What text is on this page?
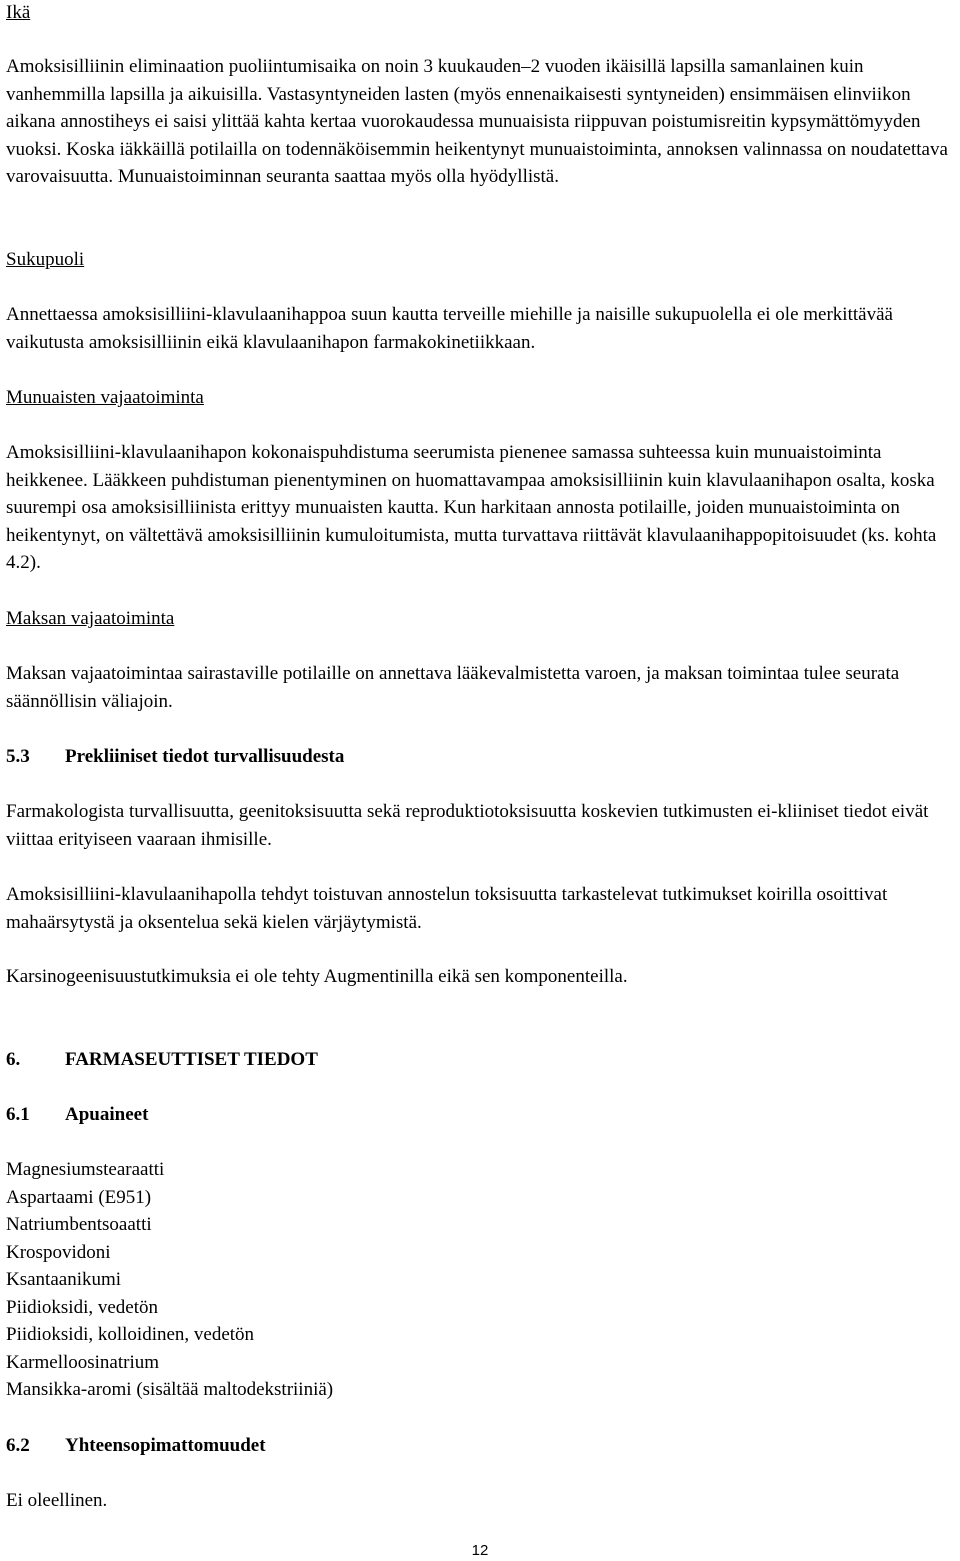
Ikä

Amoksisilliinin eliminaation puoliintumisaika on noin 3 kuukauden–2 vuoden ikäisillä lapsilla samanlainen kuin vanhemmilla lapsilla ja aikuisilla. Vastasyntyneiden lasten (myös ennenaikaisesti syntyneiden) ensimmäisen elinviikon aikana annostiheys ei saisi ylittää kahta kertaa vuorokaudessa munuaisista riippuvan poistumisreitin kypsymättömyyden vuoksi. Koska iäkkäillä potilailla on todennäköisemmin heikentynyt munuaistoiminta, annoksen valinnassa on noudatettava varovaisuutta. Munuaistoiminnan seuranta saattaa myös olla hyödyllistä.

Sukupuoli

Annettaessa amoksisilliini-klavulaanihappoa suun kautta terveille miehille ja naisille sukupuolella ei ole merkittävää vaikutusta amoksisilliinin eikä klavulaanihapon farmakokinetiikkaan.

Munuaisten vajaatoiminta

Amoksisilliini-klavulaanihapon kokonaispuhdistuma seerumista pienenee samassa suhteessa kuin munuaistoiminta heikkenee. Lääkkeen puhdistuman pienentyminen on huomattavampaa amoksisilliinin kuin klavulaanihapon osalta, koska suurempi osa amoksisilliinista erittyy munuaisten kautta. Kun harkitaan annosta potilaille, joiden munuaistoiminta on heikentynyt, on vältettävä amoksisilliinin kumuloitumista, mutta turvattava riittävät klavulaanihappopitoisuudet (ks. kohta 4.2).

Maksan vajaatoiminta

Maksan vajaatoimintaa sairastaville potilaille on annettava lääkevalmistetta varoen, ja maksan toimintaa tulee seurata säännöllisin väliajoin.

5.3 Prekliiniset tiedot turvallisuudesta

Farmakologista turvallisuutta, geenitoksisuutta sekä reproduktiotoksisuutta koskevien tutkimusten ei-kliiniset tiedot eivät viittaa erityiseen vaaraan ihmisille.

Amoksisilliini-klavulaanihapolla tehdyt toistuvan annostelun toksisuutta tarkastelevat tutkimukset koirilla osoittivat mahaärsytystä ja oksentelua sekä kielen värjäytymistä.

Karsinogeenisuustutkimuksia ei ole tehty Augmentinilla eikä sen komponenteilla.

6. FARMASEUTTISET TIEDOT

6.1 Apuaineet

Magnesiumstearaatti
Aspartaami (E951)
Natriumbentsoaatti
Krospovidoni
Ksantaanikumi
Piidioksidi, vedetön
Piidioksidi, kolloidinen, vedetön
Karmelloosinatrium
Mansikka-aromi (sisältää maltodekstriiniä)

6.2 Yhteensopimattomuudet

Ei oleellinen.

12
